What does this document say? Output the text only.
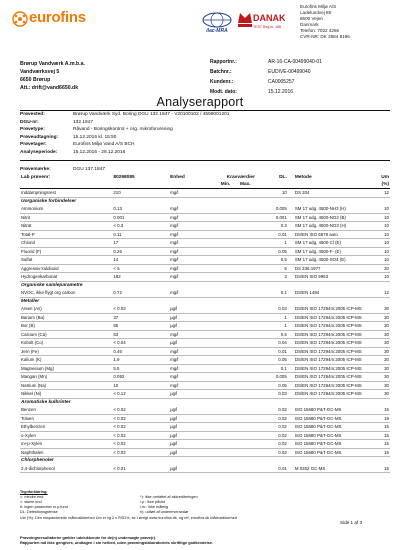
eurofins
ilac-MRA
DANAK
TEST Reg.nr. 168
Eurofins Miljø A/S
Ladelundvej 85
6600 Vejen
Danmark
Telefon: 7022 4266
CVR-NR: DK 2884 8196
Brørup Vandværk A.m.b.a.
Vandværksvej 5
6650 Brørup
Att.: drift@vand6650.dk
Rapportnr.:	AR-16-CA-00499040-01
Batchnr.:	EUDIVE-00499040
Kundenr.:	CA0005257
Modt. dato:	15.12.2016
Analyserapport
Prøvested:	Brørup Vandværk Syd. Boring DGU 132.1847 - V20100102 / 4559001201
DGU-nr:	132.1847
Prøvetype:	Råvand - Boringskontrol + org. mikroforurening
Prøveudtagning:	15.12.2016 kl. 15:50
Prøvetager:	Eurofins Miljø Vand A/S BCH
Analyseperiode:	15.12.2016 - 28.12.2016
Prøvemærke:	DGU 137.1847
Lab prøvenr:	80298085	Enhed	Kravværdier		DL.	Metode	Um
			Min.	Max.			(%)
Inddampningsrest	210	mg/l			10	DS 204	12
Uorganiske forbindelser							
Ammonium	0.13	mg/l			0.005	SM 17 udg. 4500-NH3 (H)	10
Nitrit	0.001	mg/l			0.001	SM 17 udg. 4500-NO2 (B)	10
Nitrat	< 0.3	mg/l			0.3	SM 17 udg. 4500-NO3 (H)	10
Total-P	0.11	mg/l			0.01	DS/EN ISO 6878 auto	10
Chlorid	17	mg/l			1	SM 17 udg. 4500-Cl (E)	10
Fluorid (F)	0.26	mg/l			0.05	SM 17 udg. 4500-F- (E)	10
Sulfat	14	mg/l			0.5	SM 17 udg. 4500-SO4 (E)	10
Aggressiv kuldioxid	< 5	mg/l			5	DS 236:1977	20
Hydrogenkarbonat	182	mg/l			3	DS/EN ISO 9963	10
Organiske samleparametre							
NVOC, ikke flygt org carbon	0.72	mg/l			0.1	DS/EN 1484	12
Metaller							
Arsen (As)	< 0.03	µg/l			0.03	DS/EN ISO 17294m:2005 ICP-MS	30
Barium (Ba)	37	µg/l			1	DS/EN ISO 17294m:2005 ICP-MS	30
Bor (B)	85	µg/l			1	DS/EN ISO 17294m:2005 ICP-MS	30
Calcium (Ca)	53	mg/l			0.5	DS/EN ISO 17294m:2005 ICP-MS	30
Kobolt (Co)	< 0.04	µg/l			0.04	DS/EN ISO 17294m:2005 ICP-MS	30
Jern (Fe)	0.46	mg/l			0.01	DS/EN ISO 17294m:2005 ICP-MS	30
Kalium (K)	1.9	mg/l			0.05	DS/EN ISO 17294m:2005 ICP-MS	30
Magnesium (Mg)	5.5	mg/l			0.1	DS/EN ISO 17294m:2005 ICP-MS	30
Mangan (Mn)	0.092	mg/l			0.005	DS/EN ISO 17294m:2005 ICP-MS	30
Natrium (Na)	10	mg/l			0.05	DS/EN ISO 17294m:2005 ICP-MS	30
Nikkel (Ni)	< 0.12	µg/l			0.03	DS/EN ISO 17294m:2005 ICP-MS	30
Aromatiske kulbrinter							
Benzen	< 0.02	µg/l			0.02	ISO 15680 P&T-GC-MS	15
Toluen	< 0.02	µg/l			0.02	ISO 15680 P&T-GC-MS	19
Ethylbenzen	< 0.02	µg/l			0.02	ISO 15680 P&T-GC-MS	15
o-Xylen	< 0.02	µg/l			0.02	ISO 15680 P&T-GC-MS	15
m+p-Xylen	< 0.02	µg/l			0.02	ISO 15680 P&T-GC-MS	15
Naphthalen	< 0.02	µg/l			0.02	ISO 15680 P&T-GC-MS	15
Chlorphenoler							
2,4-dichlorphenol	< 0.01	µg/l			0.01	M 0352 GC-MS	15
Tegnforklaring:
<: mindre end
>: større end
#: ingen parameter m.p.fund
DL: Detektionsgrænse
*): ikke omfattet af akkrediteringen
i.p.: ikke påvist
i.m.: ikke målelig
n): udført af underleverandør
Um (%): Den ekspanderede måleusikkerhed Um er lig 2 x RSD%, se i øvrigt www.eurofins.dk, og ref. eurofins.dk Måleusikkerhed
Side 1 af 3
Prøvningsresultaterne gælder udelukkende for de(n) undersøgte prøve(r).
Rapporten må ikke gengives, undtagen i sin helhed, uden prøvningslaboratoriets skriftlige godkendelse.
